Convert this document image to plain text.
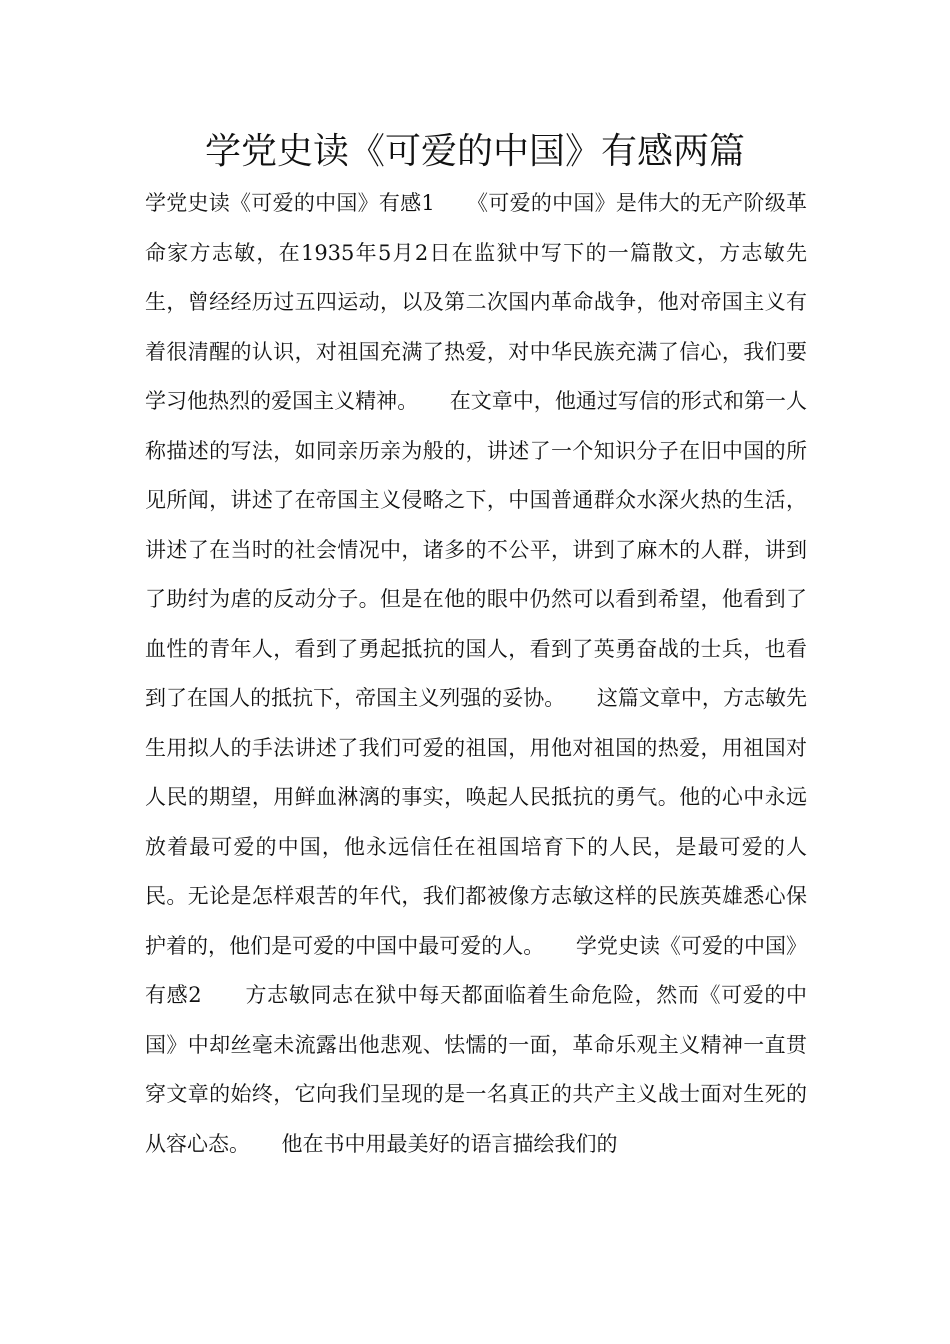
学党史读《可爱的中国》有感两篇

学党史读《可爱的中国》有感1　　《可爱的中国》是伟大的无产阶级革命家方志敏，在1935年5月2日在监狱中写下的一篇散文，方志敏先生，曾经经历过五四运动，以及第二次国内革命战争，他对帝国主义有着很清醒的认识，对祖国充满了热爱，对中华民族充满了信心，我们要学习他热烈的爱国主义精神。　　在文章中，他通过写信的形式和第一人称描述的写法，如同亲历亲为般的，讲述了一个知识分子在旧中国的所见所闻，讲述了在帝国主义侵略之下，中国普通群众水深火热的生活，讲述了在当时的社会情况中，诸多的不公平，讲到了麻木的人群，讲到了助纣为虐的反动分子。但是在他的眼中仍然可以看到希望，他看到了血性的青年人，看到了勇起抵抗的国人，看到了英勇奋战的士兵，也看到了在国人的抵抗下，帝国主义列强的妥协。　　这篇文章中，方志敏先生用拟人的手法讲述了我们可爱的祖国，用他对祖国的热爱，用祖国对人民的期望，用鲜血淋漓的事实，唤起人民抵抗的勇气。他的心中永远放着最可爱的中国，他永远信任在祖国培育下的人民，是最可爱的人民。无论是怎样艰苦的年代，我们都被像方志敏这样的民族英雄悉心保护着的，他们是可爱的中国中最可爱的人。　　学党史读《可爱的中国》有感2　　方志敏同志在狱中每天都面临着生命危险，然而《可爱的中国》中却丝毫未流露出他悲观、怯懦的一面，革命乐观主义精神一直贯穿文章的始终，它向我们呈现的是一名真正的共产主义战士面对生死的从容心态。　　他在书中用最美好的语言描绘我们的
